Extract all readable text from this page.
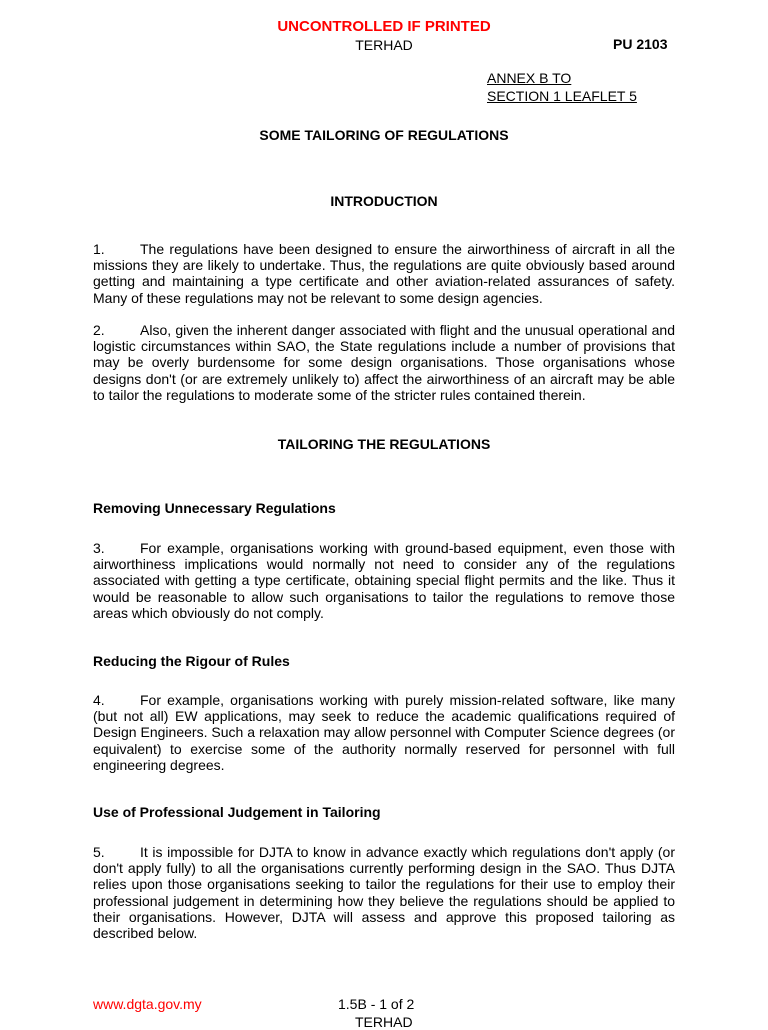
UNCONTROLLED IF PRINTED
TERHAD	PU 2103
ANNEX B TO
SECTION 1 LEAFLET 5
SOME TAILORING OF REGULATIONS
INTRODUCTION
1.	The regulations have been designed to ensure the airworthiness of aircraft in all the missions they are likely to undertake. Thus, the regulations are quite obviously based around getting and maintaining a type certificate and other aviation-related assurances of safety. Many of these regulations may not be relevant to some design agencies.
2.	Also, given the inherent danger associated with flight and the unusual operational and logistic circumstances within SAO, the State regulations include a number of provisions that may be overly burdensome for some design organisations. Those organisations whose designs don't (or are extremely unlikely to) affect the airworthiness of an aircraft may be able to tailor the regulations to moderate some of the stricter rules contained therein.
TAILORING THE REGULATIONS
Removing Unnecessary Regulations
3.	For example, organisations working with ground-based equipment, even those with airworthiness implications would normally not need to consider any of the regulations associated with getting a type certificate, obtaining special flight permits and the like. Thus it would be reasonable to allow such organisations to tailor the regulations to remove those areas which obviously do not comply.
Reducing the Rigour of Rules
4.	For example, organisations working with purely mission-related software, like many (but not all) EW applications, may seek to reduce the academic qualifications required of Design Engineers. Such a relaxation may allow personnel with Computer Science degrees (or equivalent) to exercise some of the authority normally reserved for personnel with full engineering degrees.
Use of Professional Judgement in Tailoring
5.	It is impossible for DJTA to know in advance exactly which regulations don't apply (or don't apply fully) to all the organisations currently performing design in the SAO. Thus DJTA relies upon those organisations seeking to tailor the regulations for their use to employ their professional judgement in determining how they believe the regulations should be applied to their organisations. However, DJTA will assess and approve this proposed tailoring as described below.
www.dgta.gov.my	1.5B - 1 of 2
TERHAD
